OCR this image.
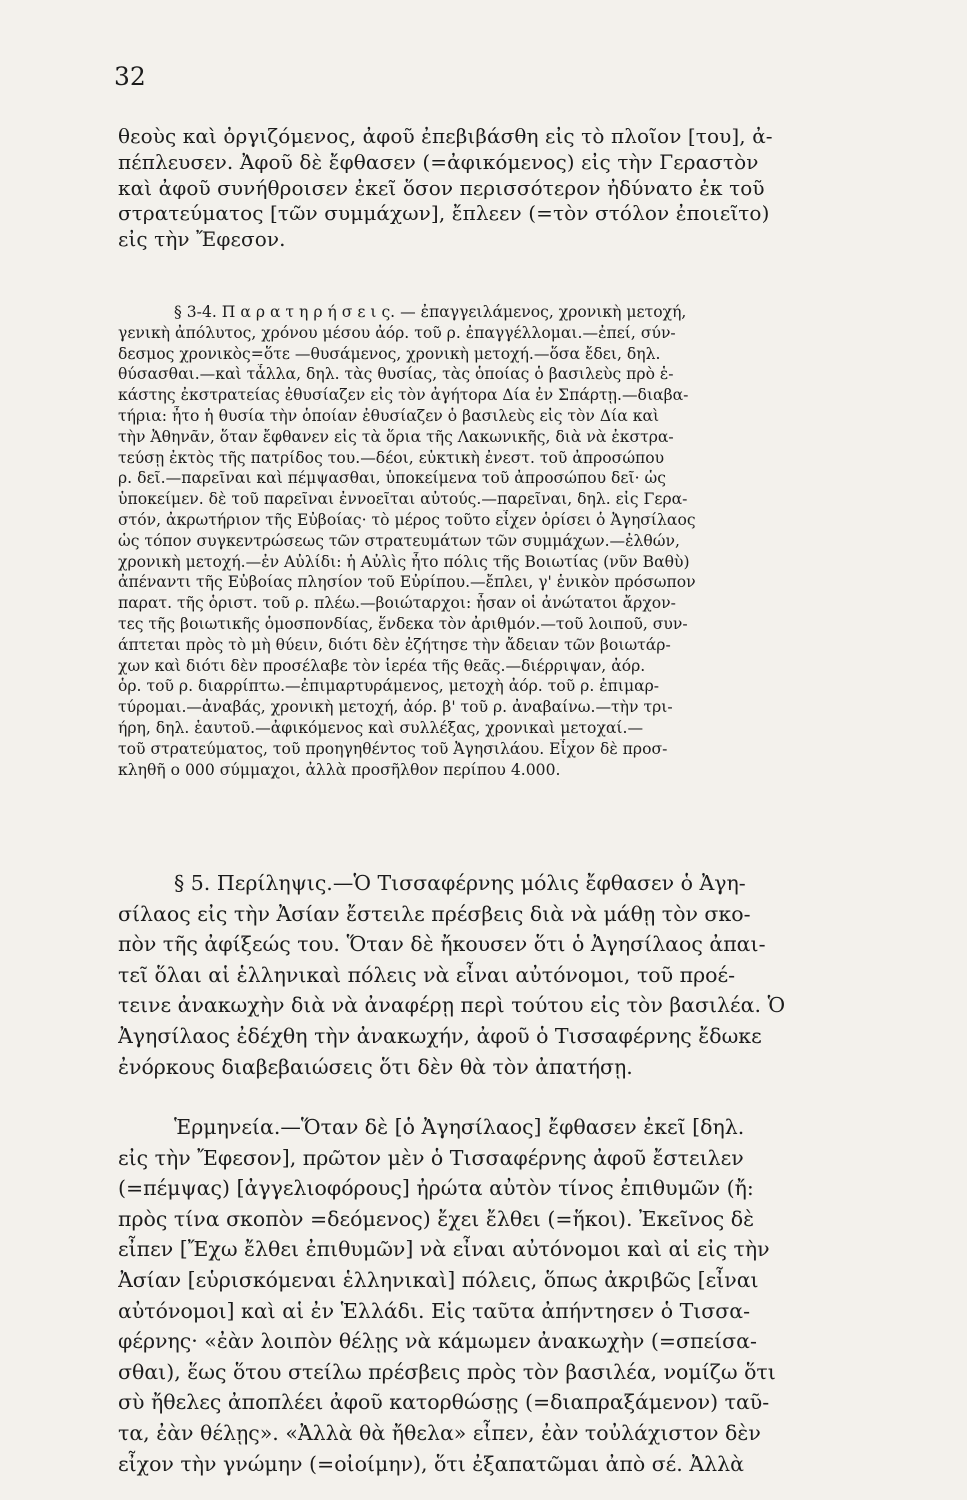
32
θεοὺς καὶ ὀργιζόμενος, ἀφοῦ ἐπεβιβάσθη εἰς τὸ πλοῖον [του], ἀ-
πέπλευσεν. Ἀφοῦ δὲ ἔφθασεν (=ἀφικόμενος) εἰς τὴν Γεραστὸν
καὶ ἀφοῦ συνήθροισεν ἐκεῖ ὅσον περισσότερον ἠδύνατο ἐκ τοῦ
στρατεύματος [τῶν συμμάχων], ἔπλεεν (=τὸν στόλον ἐποιεῖτο)
εἰς τὴν Ἔφεσον.
§ 3-4. Π α ρ α τ η ρ ή σ ε ι ς. — ἐπαγγειλάμενος, χρονικὴ μετοχή,
γενικὴ ἀπόλυτος, χρόνου μέσου ἀόρ. τοῦ ρ. ἐπαγγέλλομαι.—ἐπεί, σύν-
δεσμος χρονικὸς=ὅτε —θυσάμενος, χρονικὴ μετοχή.—ὅσα ἔδει, δηλ.
θύσασθαι.—καὶ τἆλλα, δηλ. τὰς θυσίας, τὰς ὁποίας ὁ βασιλεὺς πρὸ ἑ-
κάστης ἐκστρατείας ἐθυσίαζεν εἰς τὸν ἀγήτορα Δία ἐν Σπάρτῃ.—διαβα-
τήρια: ἦτο ἡ θυσία τὴν ὁποίαν ἐθυσίαζεν ὁ βασιλεὺς εἰς τὸν Δία καὶ
τὴν Ἀθηνᾶν, ὅταν ἔφθανεν εἰς τὰ ὅρια τῆς Λακωνικῆς, διὰ νὰ ἐκστρα-
τεύσῃ ἐκτὸς τῆς πατρίδος του.—δέοι, εὐκτικὴ ἐνεστ. τοῦ ἀπροσώπου
ρ. δεῖ.—παρεῖναι καὶ πέμψασθαι, ὑποκείμενα τοῦ ἀπροσώπου δεῖ· ὡς
ὑποκείμεν. δὲ τοῦ παρεῖναι ἐννοεῖται αὐτούς.—παρεῖναι, δηλ. εἰς Γερα-
στόν, ἀκρωτήριον τῆς Εὐβοίας· τὸ μέρος τοῦτο εἶχεν ὁρίσει ὁ Ἀγησίλαος
ὡς τόπον συγκεντρώσεως τῶν στρατευμάτων τῶν συμμάχων.—ἐλθών,
χρονικὴ μετοχή.—ἐν Αὐλίδι: ἡ Αὐλὶς ἦτο πόλις τῆς Βοιωτίας (νῦν Βαθὺ)
ἀπέναντι τῆς Εὐβοίας πλησίον τοῦ Εὐρίπου.—ἔπλει, γ' ἑνικὸν πρόσωπον
παρατ. τῆς ὁριστ. τοῦ ρ. πλέω.—βοιώταρχοι: ἦσαν οἱ ἀνώτατοι ἄρχον-
τες τῆς βοιωτικῆς ὁμοσπονδίας, ἕνδεκα τὸν ἀριθμόν.—τοῦ λοιποῦ, συν-
άπτεται πρὸς τὸ μὴ θύειν, διότι δὲν ἐζήτησε τὴν ἄδειαν τῶν βοιωτάρ-
χων καὶ διότι δὲν προσέλαβε τὸν ἱερέα τῆς θεᾶς.—διέρριψαν, ἀόρ.
ὁρ. τοῦ ρ. διαρρίπτω.—ἐπιμαρτυράμενος, μετοχὴ ἀόρ. τοῦ ρ. ἐπιμαρ-
τύρομαι.—ἀναβάς, χρονικὴ μετοχή, ἀόρ. β' τοῦ ρ. ἀναβαίνω.—τὴν τρι-
ήρη, δηλ. ἑαυτοῦ.—ἀφικόμενος καὶ συλλέξας, χρονικαὶ μετοχαί.—
τοῦ στρατεύματος, τοῦ προηγηθέντος τοῦ Ἀγησιλάου. Εἶχον δὲ προσ-
κληθῆ ο 000 σύμμαχοι, ἀλλὰ προσῆλθον περίπου 4.000.
§ 5. Περίληψις.—Ὁ Τισσαφέρνης μόλις ἔφθασεν ὁ Ἀγη-
σίλαος εἰς τὴν Ἀσίαν ἔστειλε πρέσβεις διὰ νὰ μάθῃ τὸν σκο-
πὸν τῆς ἀφίξεώς του. Ὅταν δὲ ἤκουσεν ὅτι ὁ Ἀγησίλαος ἀπαι-
τεῖ ὅλαι αἱ ἑλληνικαὶ πόλεις νὰ εἶναι αὐτόνομοι, τοῦ προέ-
τεινε ἀνακωχὴν διὰ νὰ ἀναφέρῃ περὶ τούτου εἰς τὸν βασιλέα. Ὁ
Ἀγησίλαος ἐδέχθη τὴν ἀνακωχήν, ἀφοῦ ὁ Τισσαφέρνης ἔδωκε
ἐνόρκους διαβεβαιώσεις ὅτι δὲν θὰ τὸν ἀπατήσῃ.
Ἑρμηνεία.—Ὅταν δὲ [ὁ Ἀγησίλαος] ἔφθασεν ἐκεῖ [δηλ.
εἰς τὴν Ἔφεσον], πρῶτον μὲν ὁ Τισσαφέρνης ἀφοῦ ἔστειλεν
(=πέμψας) [ἀγγελιοφόρους] ἠρώτα αὐτὸν τίνος ἐπιθυμῶν (ἤ:
πρὸς τίνα σκοπὸν =δεόμενος) ἔχει ἔλθει (=ἥκοι). Ἐκεῖνος δὲ
εἶπεν [Ἔχω ἔλθει ἐπιθυμῶν] νὰ εἶναι αὐτόνομοι καὶ αἱ εἰς τὴν
Ἀσίαν [εὑρισκόμεναι ἑλληνικαὶ] πόλεις, ὅπως ἀκριβῶς [εἶναι
αὐτόνομοι] καὶ αἱ ἐν Ἑλλάδι. Εἰς ταῦτα ἀπήντησεν ὁ Τισσα-
φέρνης· «ἐὰν λοιπὸν θέλῃς νὰ κάμωμεν ἀνακωχὴν (=σπείσα-
σθαι), ἕως ὅτου στείλω πρέσβεις πρὸς τὸν βασιλέα, νομίζω ὅτι
σὺ ἤθελες ἀποπλέει ἀφοῦ κατορθώσῃς (=διαπραξάμενον) ταῦ-
τα, ἐὰν θέλῃς». «Ἀλλὰ θὰ ἤθελα» εἶπεν, ἐὰν τοὐλάχιστον δὲν
εἶχον τὴν γνώμην (=οἰοίμην), ὅτι ἐξαπατῶμαι ἀπὸ σέ. Ἀλλὰ
